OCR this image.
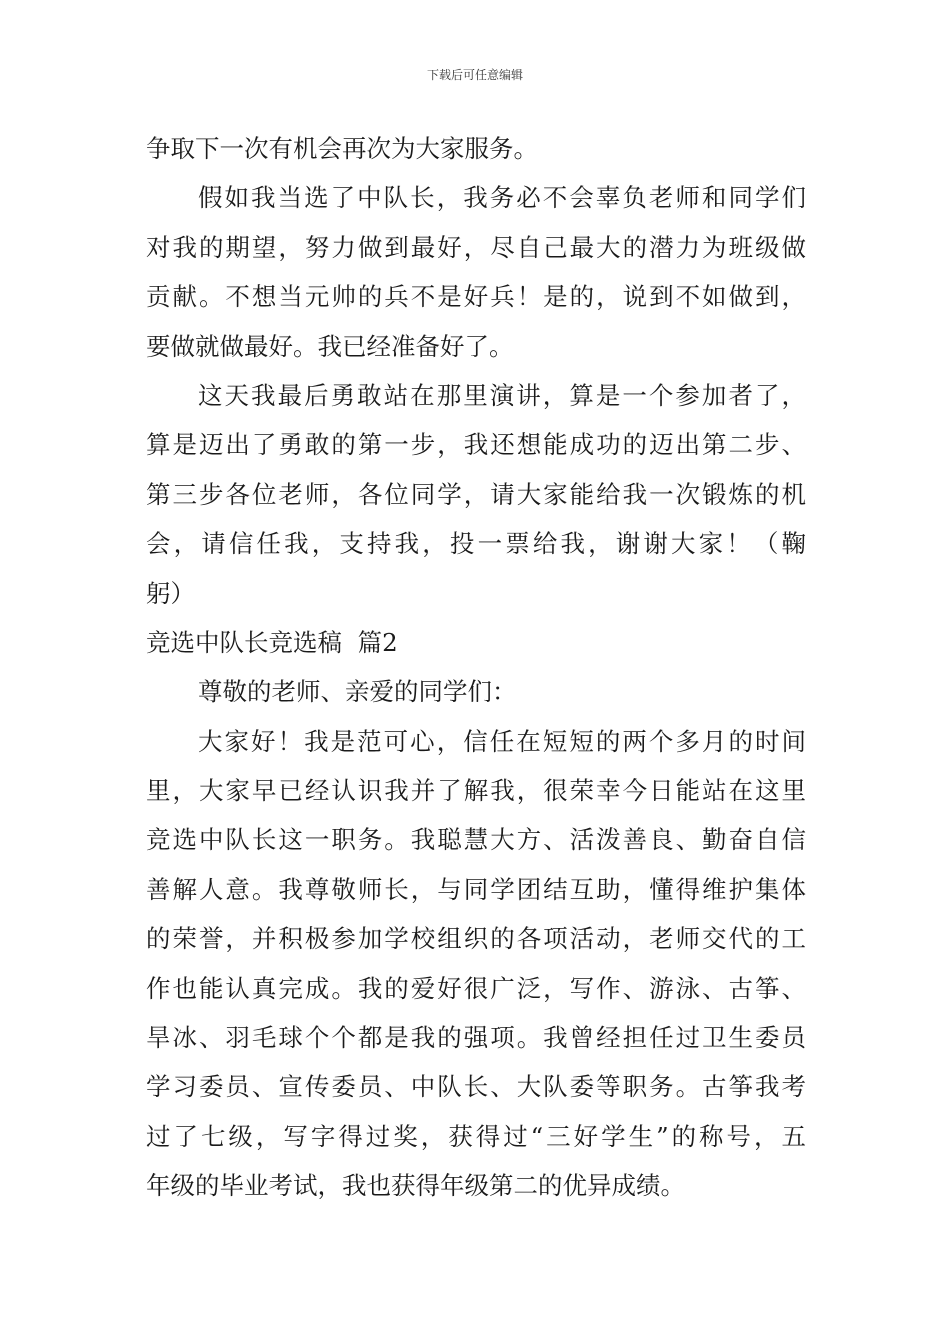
下载后可任意编辑
争取下一次有机会再次为大家服务。
假如我当选了中队长，我务必不会辜负老师和同学们
对我的期望，努力做到最好，尽自己最大的潜力为班级做
贡献。不想当元帅的兵不是好兵！是的，说到不如做到，
要做就做最好。我已经准备好了。
这天我最后勇敢站在那里演讲，算是一个参加者了，
算是迈出了勇敢的第一步，我还想能成功的迈出第二步、
第三步各位老师，各位同学，请大家能给我一次锻炼的机
会，请信任我，支持我，投一票给我，谢谢大家！（鞠
躬）
竞选中队长竞选稿  篇2
尊敬的老师、亲爱的同学们：
大家好！我是范可心，信任在短短的两个多月的时间
里，大家早已经认识我并了解我，很荣幸今日能站在这里
竞选中队长这一职务。我聪慧大方、活泼善良、勤奋自信
善解人意。我尊敬师长，与同学团结互助，懂得维护集体
的荣誉，并积极参加学校组织的各项活动，老师交代的工
作也能认真完成。我的爱好很广泛，写作、游泳、古筝、
旱冰、羽毛球个个都是我的强项。我曾经担任过卫生委员
学习委员、宣传委员、中队长、大队委等职务。古筝我考
过了七级，写字得过奖，获得过“三好学生”的称号，五
年级的毕业考试，我也获得年级第二的优异成绩。
